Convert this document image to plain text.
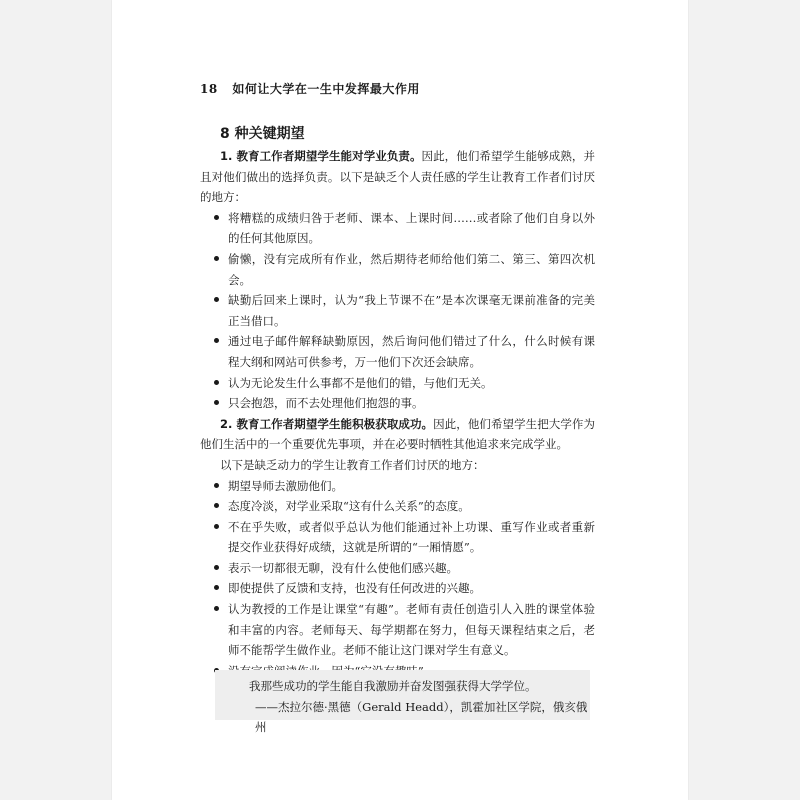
18 如何让大学在一生中发挥最大作用
8 种关键期望

1. 教育工作者期望学生能对学业负责。因此，他们希望学生能够成熟，并且对他们做出的选择负责。以下是缺乏个人责任感的学生让教育工作者们讨厌的地方：

将糟糕的成绩归咎于老师、课本、上课时间……或者除了他们自身以外的任何其他原因。
偷懒，没有完成所有作业，然后期待老师给他们第二、第三、第四次机会。
缺勤后回来上课时，认为“我上节课不在”是本次课毫无课前准备的完美正当借口。
通过电子邮件解释缺勤原因，然后询问他们错过了什么，什么时候有课程大纲和网站可供参考，万一他们下次还会缺席。
认为无论发生什么事都不是他们的错，与他们无关。
只会抱怨，而不去处理他们抱怨的事。

2. 教育工作者期望学生能积极获取成功。因此，他们希望学生把大学作为他们生活中的一个重要优先事项，并在必要时牺牲其他追求来完成学业。

以下是缺乏动力的学生让教育工作者们讨厌的地方：

期望导师去激励他们。
态度冷淡，对学业采取“这有什么关系”的态度。
不在乎失败，或者似乎总认为他们能通过补上功课、重写作业或者重新提交作业获得好成绩，这就是所谓的“一厢情愿”。
表示一切都很无聊，没有什么使他们感兴趣。
即使提供了反馈和支持，也没有任何改进的兴趣。
认为教授的工作是让课堂“有趣”。老师有责任创造引人入胜的课堂体验和丰富的内容。老师每天、每学期都在努力，但每天课程结束之后，老师不能帮学生做作业。老师不能让这门课对学生有意义。
我那些成功的学生能自我激励并奋发图强获得大学学位。
——杰拉尔德·黑德（Gerald Headd），凯霍加社区学院，俄亥俄州
